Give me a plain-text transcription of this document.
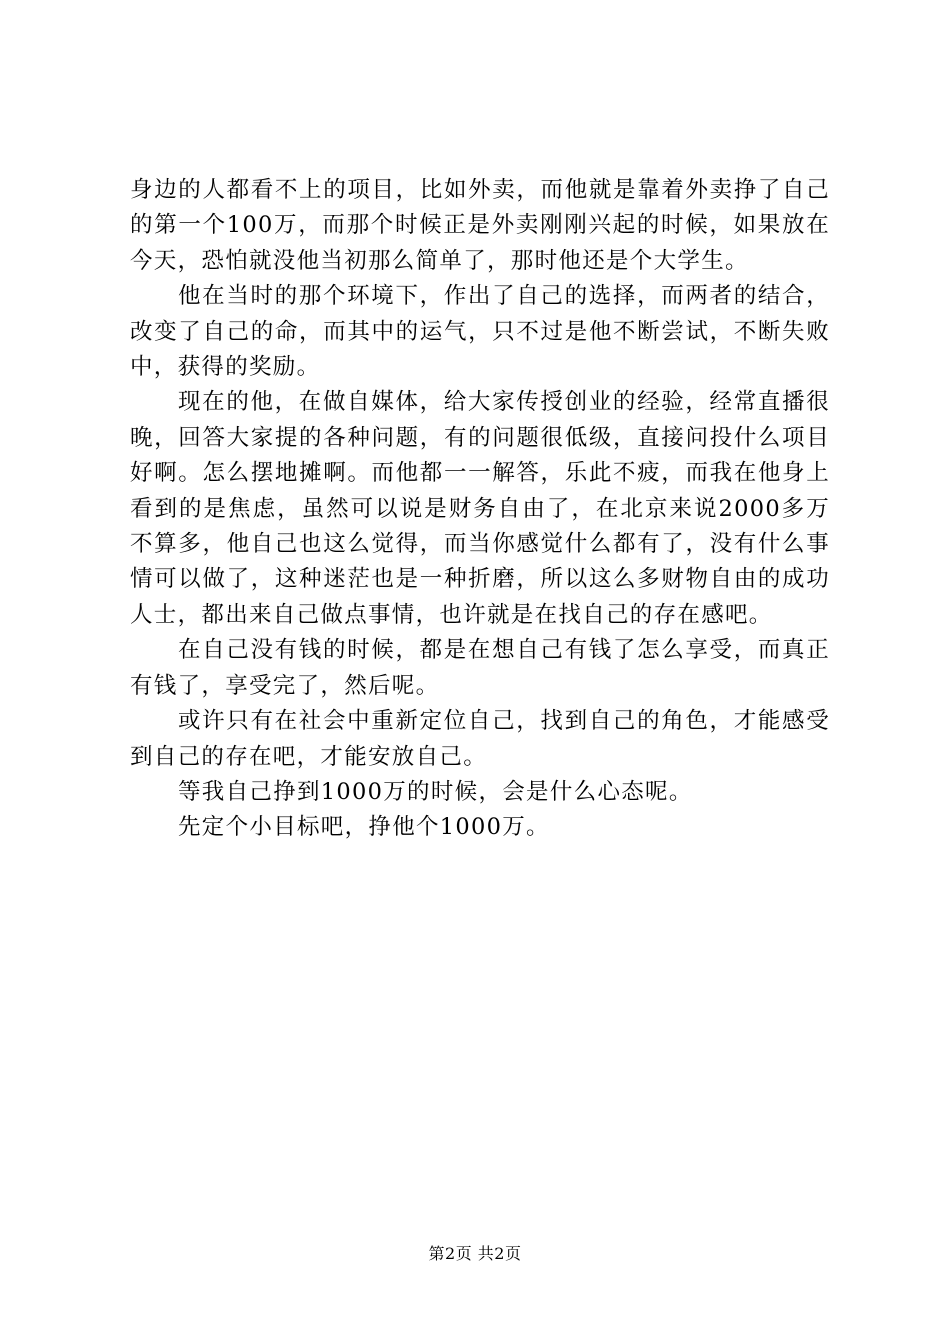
身边的人都看不上的项目，比如外卖，而他就是靠着外卖挣了自己的第一个100万，而那个时候正是外卖刚刚兴起的时候，如果放在今天，恐怕就没他当初那么简单了，那时他还是个大学生。

他在当时的那个环境下，作出了自己的选择，而两者的结合，改变了自己的命，而其中的运气，只不过是他不断尝试，不断失败中，获得的奖励。

现在的他，在做自媒体，给大家传授创业的经验，经常直播很晚，回答大家提的各种问题，有的问题很低级，直接问投什么项目好啊。怎么摆地摊啊。而他都一一解答，乐此不疲，而我在他身上看到的是焦虑，虽然可以说是财务自由了，在北京来说2000多万不算多，他自己也这么觉得，而当你感觉什么都有了，没有什么事情可以做了，这种迷茫也是一种折磨，所以这么多财物自由的成功人士，都出来自己做点事情，也许就是在找自己的存在感吧。

在自己没有钱的时候，都是在想自己有钱了怎么享受，而真正有钱了，享受完了，然后呢。

或许只有在社会中重新定位自己，找到自己的角色，才能感受到自己的存在吧，才能安放自己。

等我自己挣到1000万的时候，会是什么心态呢。

先定个小目标吧，挣他个1000万。

第2页 共2页
